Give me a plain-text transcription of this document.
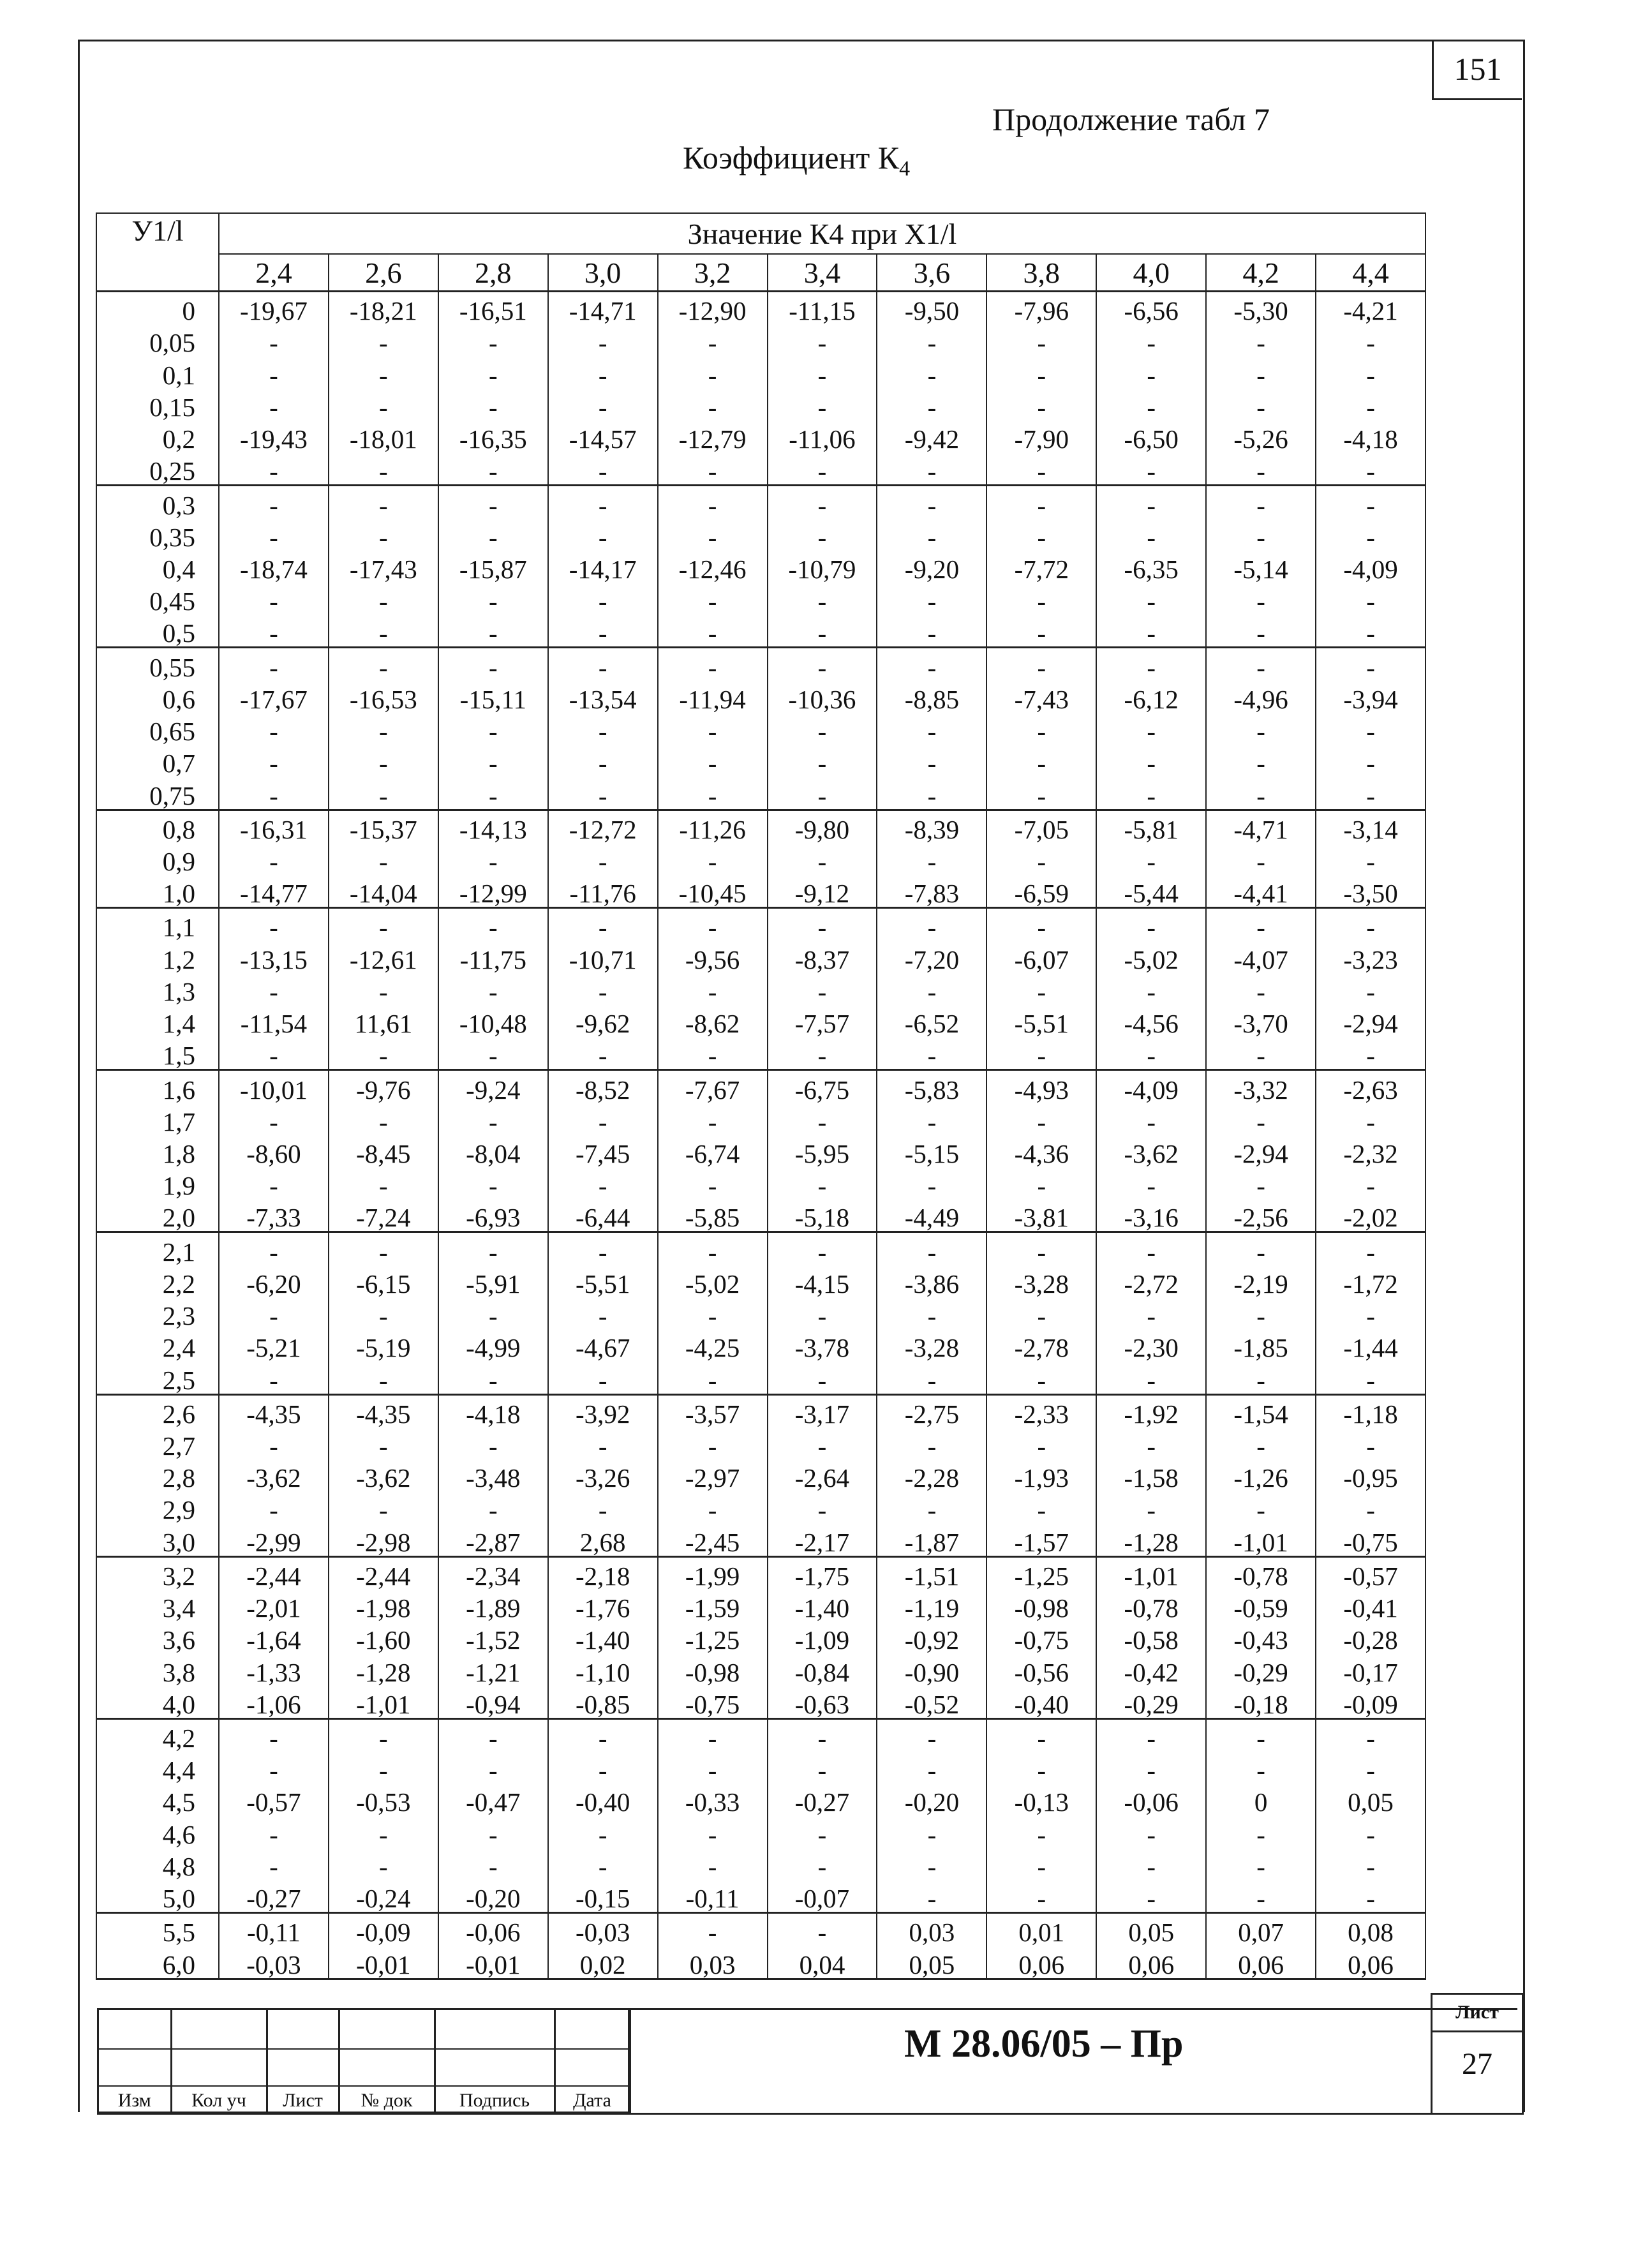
151
Продолжение табл 7
Коэффициент $К_4$
У1/l	Значение К4 при Х1/l										
	2,4	2,6	2,8	3,0	3,2	3,4	3,6	3,8	4,0	4,2	4,4
0	-19,67	-18,21	-16,51	-14,71	-12,90	-11,15	-9,50	-7,96	-6,56	-5,30	-4,21
0,05	-	-	-	-	-	-	-	-	-	-	-
0,1	-	-	-	-	-	-	-	-	-	-	-
0,15	-	-	-	-	-	-	-	-	-	-	-
0,2	-19,43	-18,01	-16,35	-14,57	-12,79	-11,06	-9,42	-7,90	-6,50	-5,26	-4,18
0,25	-	-	-	-	-	-	-	-	-	-	-
0,3	-	-	-	-	-	-	-	-	-	-	-
0,35	-	-	-	-	-	-	-	-	-	-	-
0,4	-18,74	-17,43	-15,87	-14,17	-12,46	-10,79	-9,20	-7,72	-6,35	-5,14	-4,09
0,45	-	-	-	-	-	-	-	-	-	-	-
0,5	-	-	-	-	-	-	-	-	-	-	-
0,55	-	-	-	-	-	-	-	-	-	-	-
0,6	-17,67	-16,53	-15,11	-13,54	-11,94	-10,36	-8,85	-7,43	-6,12	-4,96	-3,94
0,65	-	-	-	-	-	-	-	-	-	-	-
0,7	-	-	-	-	-	-	-	-	-	-	-
0,75	-	-	-	-	-	-	-	-	-	-	-
0,8	-16,31	-15,37	-14,13	-12,72	-11,26	-9,80	-8,39	-7,05	-5,81	-4,71	-3,14
0,9	-	-	-	-	-	-	-	-	-	-	-
1,0	-14,77	-14,04	-12,99	-11,76	-10,45	-9,12	-7,83	-6,59	-5,44	-4,41	-3,50
1,1	-	-	-	-	-	-	-	-	-	-	-
1,2	-13,15	-12,61	-11,75	-10,71	-9,56	-8,37	-7,20	-6,07	-5,02	-4,07	-3,23
1,3	-	-	-	-	-	-	-	-	-	-	-
1,4	-11,54	11,61	-10,48	-9,62	-8,62	-7,57	-6,52	-5,51	-4,56	-3,70	-2,94
1,5	-	-	-	-	-	-	-	-	-	-	-
1,6	-10,01	-9,76	-9,24	-8,52	-7,67	-6,75	-5,83	-4,93	-4,09	-3,32	-2,63
1,7	-	-	-	-	-	-	-	-	-	-	-
1,8	-8,60	-8,45	-8,04	-7,45	-6,74	-5,95	-5,15	-4,36	-3,62	-2,94	-2,32
1,9	-	-	-	-	-	-	-	-	-	-	-
2,0	-7,33	-7,24	-6,93	-6,44	-5,85	-5,18	-4,49	-3,81	-3,16	-2,56	-2,02
2,1	-	-	-	-	-	-	-	-	-	-	-
2,2	-6,20	-6,15	-5,91	-5,51	-5,02	-4,15	-3,86	-3,28	-2,72	-2,19	-1,72
2,3	-	-	-	-	-	-	-	-	-	-	-
2,4	-5,21	-5,19	-4,99	-4,67	-4,25	-3,78	-3,28	-2,78	-2,30	-1,85	-1,44
2,5	-	-	-	-	-	-	-	-	-	-	-
2,6	-4,35	-4,35	-4,18	-3,92	-3,57	-3,17	-2,75	-2,33	-1,92	-1,54	-1,18
2,7	-	-	-	-	-	-	-	-	-	-	-
2,8	-3,62	-3,62	-3,48	-3,26	-2,97	-2,64	-2,28	-1,93	-1,58	-1,26	-0,95
2,9	-	-	-	-	-	-	-	-	-	-	-
3,0	-2,99	-2,98	-2,87	2,68	-2,45	-2,17	-1,87	-1,57	-1,28	-1,01	-0,75
3,2	-2,44	-2,44	-2,34	-2,18	-1,99	-1,75	-1,51	-1,25	-1,01	-0,78	-0,57
3,4	-2,01	-1,98	-1,89	-1,76	-1,59	-1,40	-1,19	-0,98	-0,78	-0,59	-0,41
3,6	-1,64	-1,60	-1,52	-1,40	-1,25	-1,09	-0,92	-0,75	-0,58	-0,43	-0,28
3,8	-1,33	-1,28	-1,21	-1,10	-0,98	-0,84	-0,90	-0,56	-0,42	-0,29	-0,17
4,0	-1,06	-1,01	-0,94	-0,85	-0,75	-0,63	-0,52	-0,40	-0,29	-0,18	-0,09
4,2	-	-	-	-	-	-	-	-	-	-	-
4,4	-	-	-	-	-	-	-	-	-	-	-
4,5	-0,57	-0,53	-0,47	-0,40	-0,33	-0,27	-0,20	-0,13	-0,06	0	0,05
4,6	-	-	-	-	-	-	-	-	-	-	-
4,8	-	-	-	-	-	-	-	-	-	-	-
5,0	-0,27	-0,24	-0,20	-0,15	-0,11	-0,07	-	-	-	-	-
5,5	-0,11	-0,09	-0,06	-0,03	-	-	0,03	0,01	0,05	0,07	0,08
6,0	-0,03	-0,01	-0,01	0,02	0,03	0,04	0,05	0,06	0,06	0,06	0,06

Изм	Кол уч	Лист	№ док	Подпись	Дата
М 28.06/05 – Пр
Лист
27
